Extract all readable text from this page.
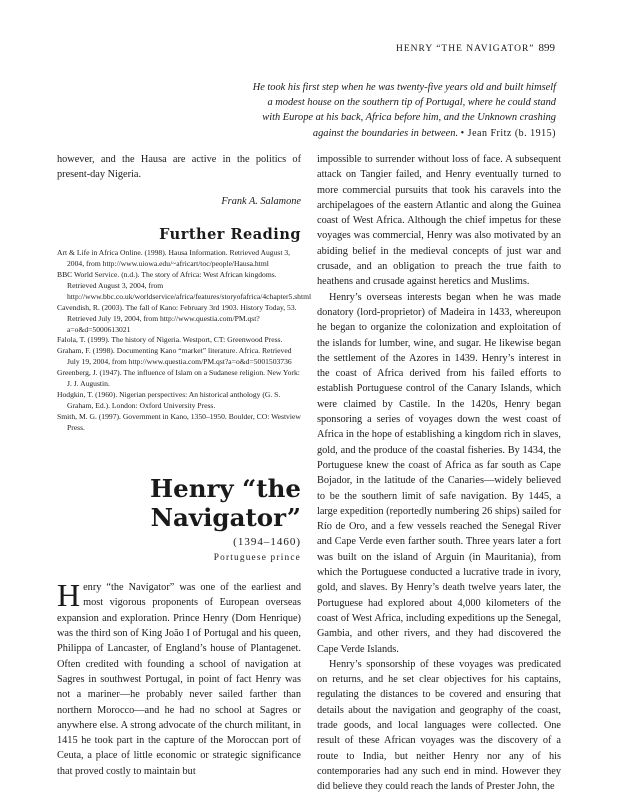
HENRY “THE NAVIGATOR” 899
He took his first step when he was twenty-five years old and built himself
a modest house on the southern tip of Portugal, where he could stand
with Europe at his back, Africa before him, and the Unknown crashing
against the boundaries in between. • Jean Fritz (b. 1915)

however, and the Hausa are active in the politics of present-day Nigeria.

Frank A. Salamone
Further Reading
Art & Life in Africa Online. (1998). Hausa Information. Retrieved August 3, 2004, from http://www.uiowa.edu/~africart/toc/people/Hausa.html
BBC World Service. (n.d.). The story of Africa: West African kingdoms. Retrieved August 3, 2004, from http://www.bbc.co.uk/worldservice/africa/features/storyofafrica/4chapter5.shtml
Cavendish, R. (2003). The fall of Kano: February 3rd 1903. History Today, 53. Retrieved July 19, 2004, from http://www.questia.com/PM.qst?a=o&d=5000613021
Falola, T. (1999). The history of Nigeria. Westport, CT: Greenwood Press.
Graham, F. (1998). Documenting Kano “market” literature. Africa. Retrieved July 19, 2004, from http://www.questia.com/PM.qst?a=o&d=5001503736
Greenberg, J. (1947). The influence of Islam on a Sudanese religion. New York: J. J. Augustin.
Hodgkin, T. (1960). Nigerian perspectives: An historical anthology (G. S. Graham, Ed.). London: Oxford University Press.
Smith, M. G. (1997). Government in Kano, 1350–1950. Boulder, CO: Westview Press.
Henry “the
Navigator”
(1394–1460)
Portuguese prince

Henry “the Navigator” was one of the earliest and most vigorous proponents of European overseas expansion and exploration. Prince Henry (Dom Henrique) was the third son of King João I of Portugal and his queen, Philippa of Lancaster, of England’s house of Plantagenet. Often credited with founding a school of navigation at Sagres in southwest Portugal, in point of fact Henry was not a mariner—he probably never sailed farther than northern Morocco—and he had no school at Sagres or anywhere else. A strong advocate of the church militant, in 1415 he took part in the capture of the Moroccan port of Ceuta, a place of little economic or strategic significance that proved costly to maintain but

impossible to surrender without loss of face. A subsequent attack on Tangier failed, and Henry eventually turned to more commercial pursuits that took his caravels into the archipelagoes of the eastern Atlantic and along the Guinea coast of West Africa. Although the chief impetus for these voyages was commercial, Henry was also motivated by an abiding belief in the medieval concepts of just war and crusade, and an obligation to preach the true faith to heathens and crusade against heretics and Muslims.

Henry’s overseas interests began when he was made donatory (lord-proprietor) of Madeira in 1433, whereupon he began to organize the colonization and exploitation of the islands for lumber, wine, and sugar. He likewise began the settlement of the Azores in 1439. Henry’s interest in the coast of Africa derived from his failed efforts to establish Portuguese control of the Canary Islands, which were claimed by Castile. In the 1420s, Henry began sponsoring a series of voyages down the west coast of Africa in the hope of establishing a kingdom rich in slaves, gold, and the produce of the coastal fisheries. By 1434, the Portuguese knew the coast of Africa as far south as Cape Bojador, in the latitude of the Canaries—widely believed to be the southern limit of safe navigation. By 1445, a large expedition (reportedly numbering 26 ships) sailed for Río de Oro, and a few vessels reached the Senegal River and Cape Verde even farther south. Three years later a fort was built on the island of Arguin (in Mauritania), from which the Portuguese conducted a lucrative trade in ivory, gold, and slaves. By Henry’s death twelve years later, the Portuguese had explored about 4,000 kilometers of the coast of West Africa, including expeditions up the Senegal, Gambia, and other rivers, and they had discovered the Cape Verde Islands.

Henry’s sponsorship of these voyages was predicated on returns, and he set clear objectives for his captains, regulating the distances to be covered and ensuring that details about the navigation and geography of the coast, trade goods, and local languages were collected. One result of these African voyages was the discovery of a route to India, but neither Henry nor any of his contemporaries had any such end in mind. However they did believe they could reach the lands of Prester John, the
